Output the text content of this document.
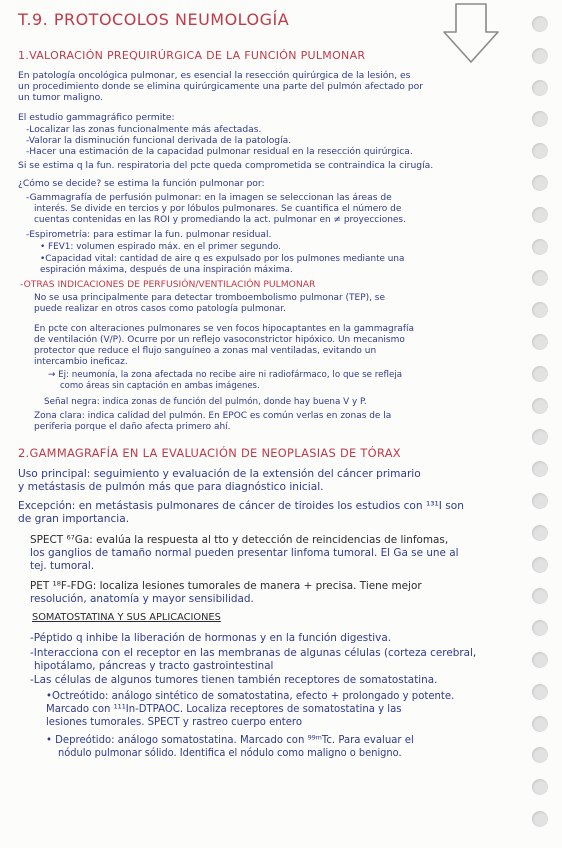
T.9. PROTOCOLOS NEUMOLOGÍA
1.VALORACIÓN PREQUIRÚRGICA DE LA FUNCIÓN PULMONAR
En patología oncológica pulmonar, es esencial la resección quirúrgica de la lesión, es
un procedimiento donde se elimina quirúrgicamente una parte del pulmón afectado por
un tumor maligno.
El estudio gammagráfico permite:
-Localizar las zonas funcionalmente más afectadas.
-Valorar la disminución funcional derivada de la patología.
-Hacer una estimación de la capacidad pulmonar residual en la resección quirúrgica.
Si se estima q la fun. respiratoria del pcte queda comprometida se contraindica la cirugía.
¿Cómo se decide? se estima la función pulmonar por:
-Gammagrafía de perfusión pulmonar: en la imagen se seleccionan las áreas de
interés. Se divide en tercios y por lóbulos pulmonares. Se cuantifica el número de
cuentas contenidas en las ROI y promediando la act. pulmonar en ≠ proyecciones.
-Espirometría: para estimar la fun. pulmonar residual.
• FEV1: volumen espirado máx. en el primer segundo.
•Capacidad vital: cantidad de aire q es expulsado por los pulmones mediante una
espiración máxima, después de una inspiración máxima.
-OTRAS INDICACIONES DE PERFUSIÓN/VENTILACIÓN PULMONAR
No se usa principalmente para detectar tromboembolismo pulmonar (TEP), se
puede realizar en otros casos como patología pulmonar.
En pcte con alteraciones pulmonares se ven focos hipocaptantes en la gammagrafía
de ventilación (V/P). Ocurre por un reflejo vasoconstrictor hipóxico. Un mecanismo
protector que reduce el flujo sanguíneo a zonas mal ventiladas, evitando un
intercambio ineficaz.
→ Ej: neumonía, la zona afectada no recibe aire ni radiofármaco, lo que se refleja
como áreas sin captación en ambas imágenes.
Señal negra: indica zonas de función del pulmón, donde hay buena V y P.
Zona clara: indica calidad del pulmón. En EPOC es común verlas en zonas de la
periferia porque el daño afecta primero ahí.
2.GAMMAGRAFÍA EN LA EVALUACIÓN DE NEOPLASIAS DE TÓRAX
Uso principal: seguimiento y evaluación de la extensión del cáncer primario
y metástasis de pulmón más que para diagnóstico inicial.
Excepción: en metástasis pulmonares de cáncer de tiroides los estudios con ¹³¹I son
de gran importancia.
SPECT ⁶⁷Ga: evalúa la respuesta al tto y detección de reincidencias de linfomas,
los ganglios de tamaño normal pueden presentar linfoma tumoral. El Ga se une al
tej. tumoral.
PET ¹⁸F-FDG: localiza lesiones tumorales de manera + precisa. Tiene mejor
resolución, anatomía y mayor sensibilidad.
SOMATOSTATINA Y SUS APLICACIONES
-Péptido q inhibe la liberación de hormonas y en la función digestiva.
-Interacciona con el receptor en las membranas de algunas células (corteza cerebral,
hipotálamo, páncreas y tracto gastrointestinal
-Las células de algunos tumores tienen también receptores de somatostatina.
•Octreótido: análogo sintético de somatostatina, efecto + prolongado y potente.
Marcado con ¹¹¹In-DTPAOC. Localiza receptores de somatostatina y las
lesiones tumorales. SPECT y rastreo cuerpo entero
• Depreótido: análogo somatostatina. Marcado con ⁹⁹ᵐTc. Para evaluar el
nódulo pulmonar sólido. Identifica el nódulo como maligno o benigno.
